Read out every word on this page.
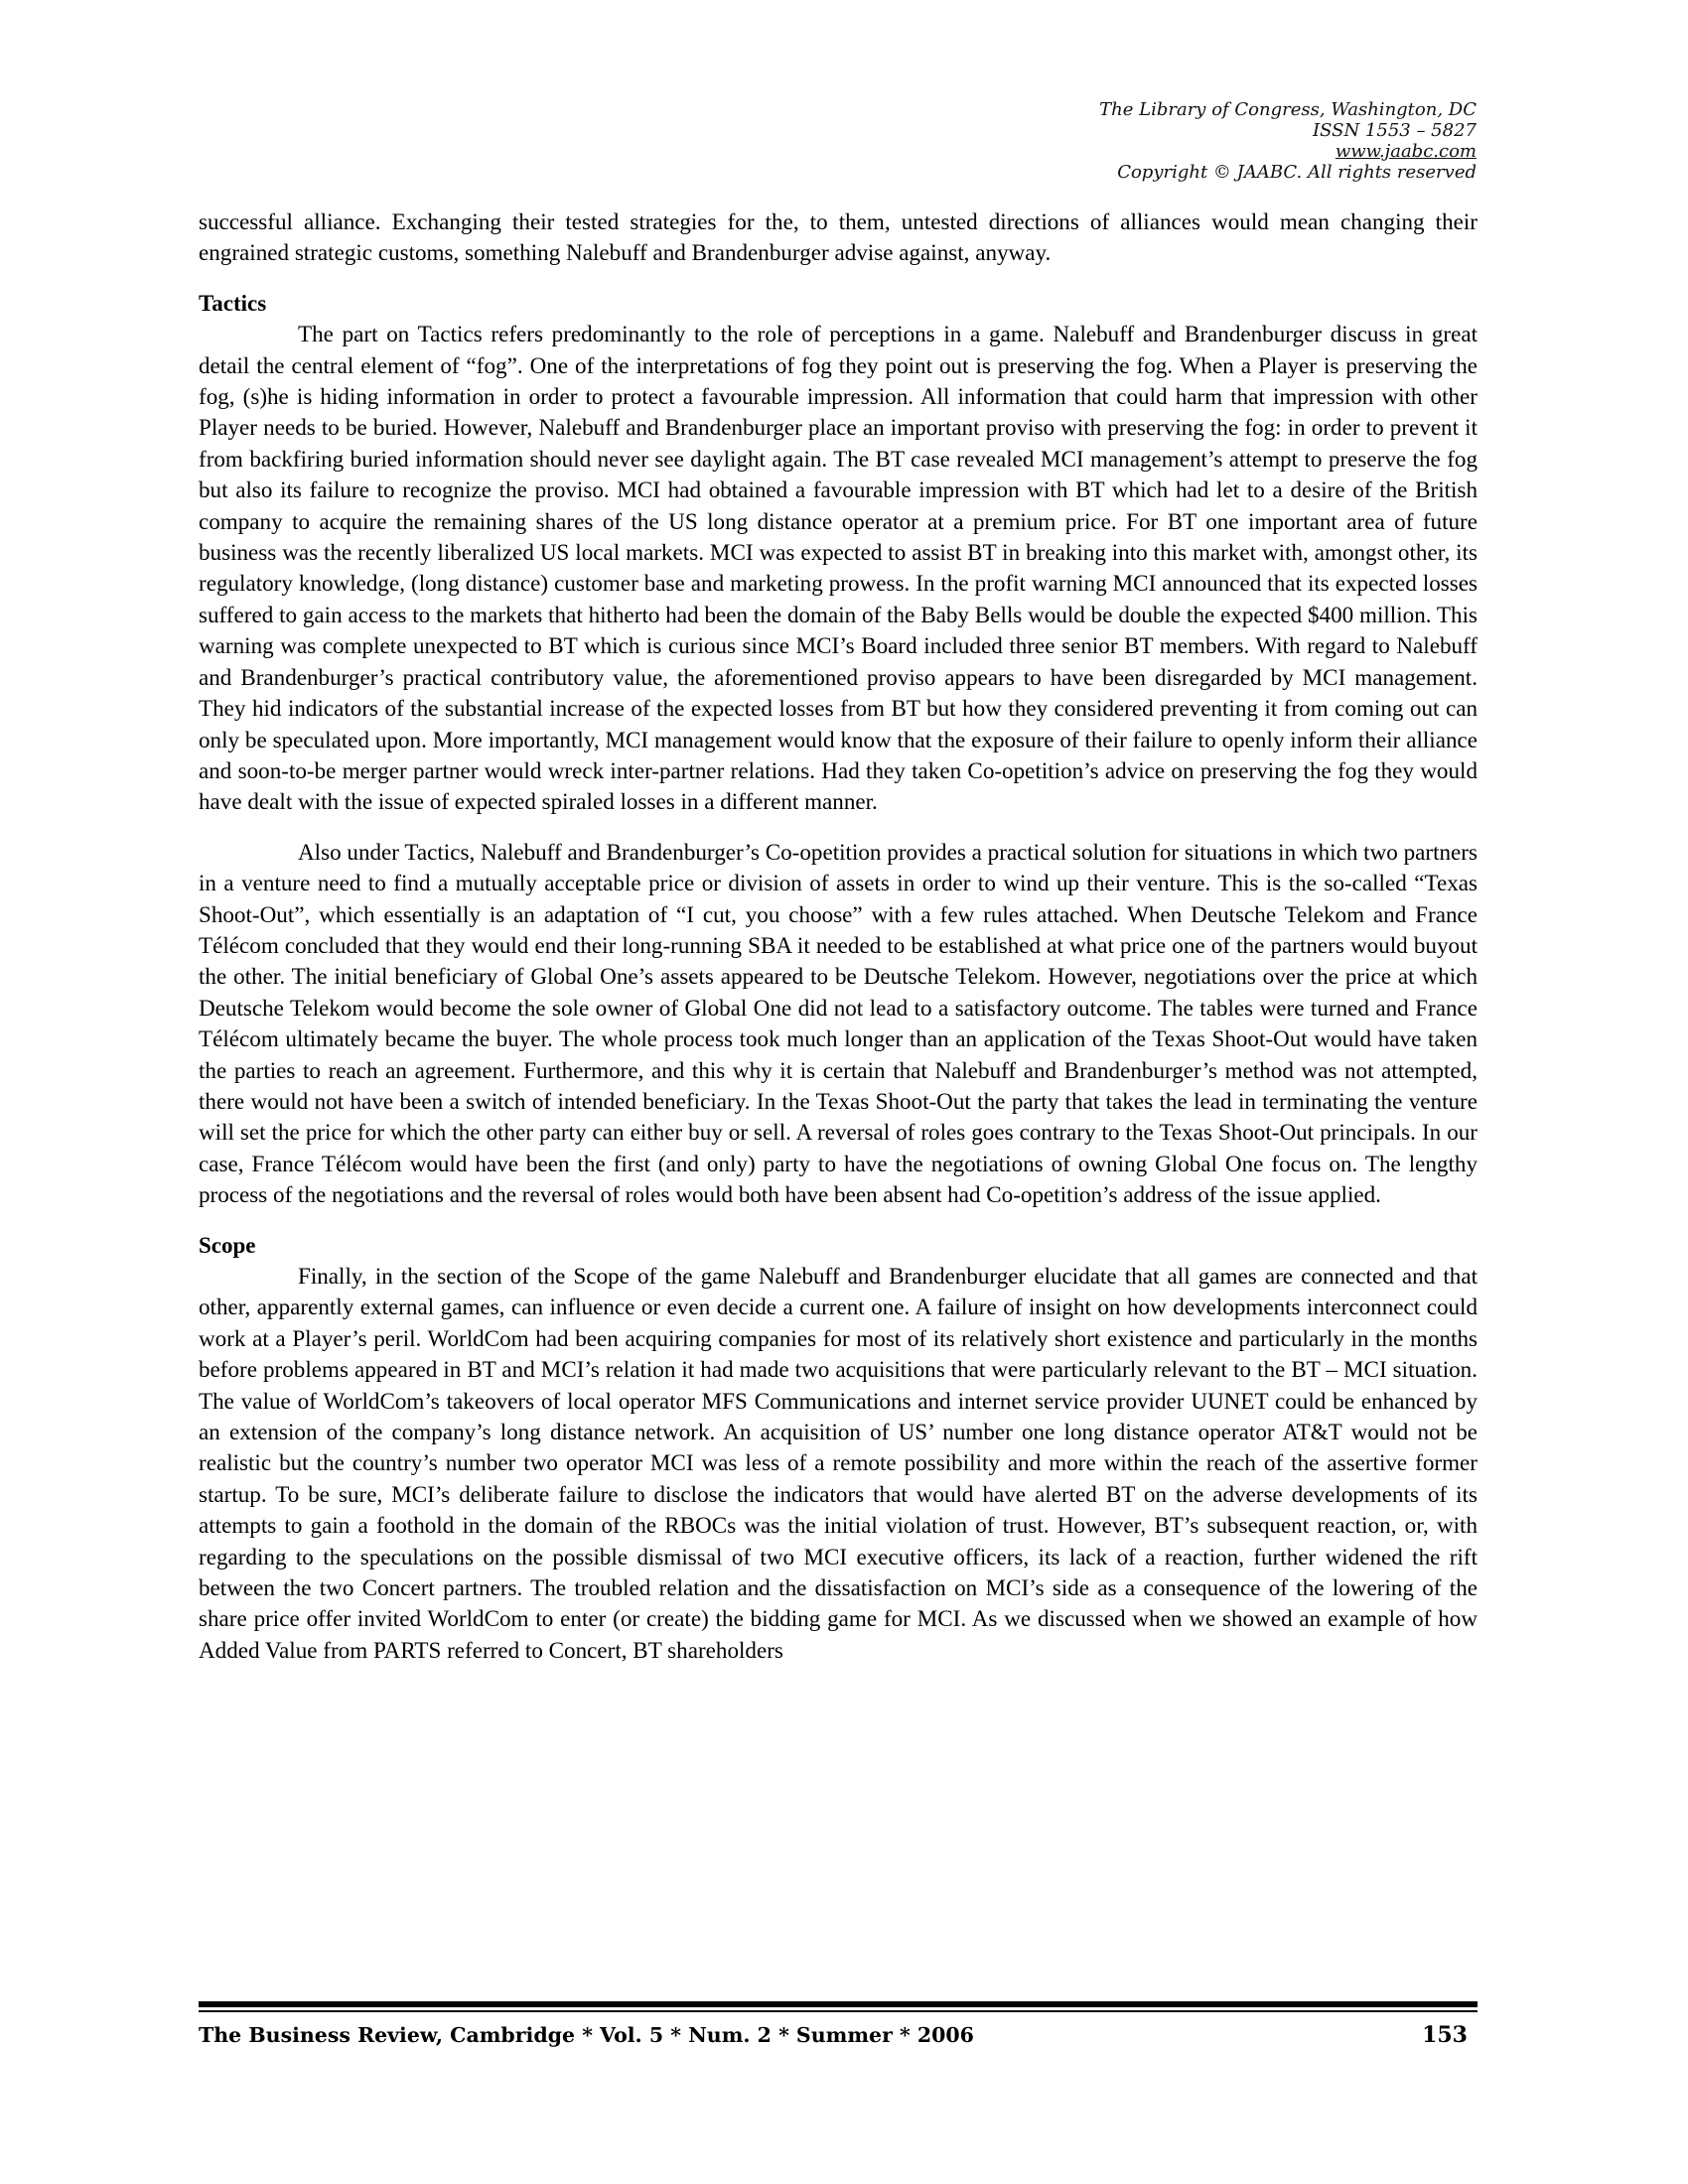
The Library of Congress, Washington, DC
ISSN 1553 – 5827
www.jaabc.com
Copyright © JAABC. All rights reserved

successful alliance. Exchanging their tested strategies for the, to them, untested directions of alliances would mean changing their engrained strategic customs, something Nalebuff and Brandenburger advise against, anyway.

Tactics

The part on Tactics refers predominantly to the role of perceptions in a game. Nalebuff and Brandenburger discuss in great detail the central element of “fog”. One of the interpretations of fog they point out is preserving the fog. When a Player is preserving the fog, (s)he is hiding information in order to protect a favourable impression. All information that could harm that impression with other Player needs to be buried. However, Nalebuff and Brandenburger place an important proviso with preserving the fog: in order to prevent it from backfiring buried information should never see daylight again. The BT case revealed MCI management’s attempt to preserve the fog but also its failure to recognize the proviso. MCI had obtained a favourable impression with BT which had let to a desire of the British company to acquire the remaining shares of the US long distance operator at a premium price. For BT one important area of future business was the recently liberalized US local markets. MCI was expected to assist BT in breaking into this market with, amongst other, its regulatory knowledge, (long distance) customer base and marketing prowess. In the profit warning MCI announced that its expected losses suffered to gain access to the markets that hitherto had been the domain of the Baby Bells would be double the expected $400 million. This warning was complete unexpected to BT which is curious since MCI’s Board included three senior BT members. With regard to Nalebuff and Brandenburger’s practical contributory value, the aforementioned proviso appears to have been disregarded by MCI management. They hid indicators of the substantial increase of the expected losses from BT but how they considered preventing it from coming out can only be speculated upon. More importantly, MCI management would know that the exposure of their failure to openly inform their alliance and soon-to-be merger partner would wreck inter-partner relations. Had they taken Co-opetition’s advice on preserving the fog they would have dealt with the issue of expected spiraled losses in a different manner.

Also under Tactics, Nalebuff and Brandenburger’s Co-opetition provides a practical solution for situations in which two partners in a venture need to find a mutually acceptable price or division of assets in order to wind up their venture. This is the so-called “Texas Shoot-Out”, which essentially is an adaptation of “I cut, you choose” with a few rules attached. When Deutsche Telekom and France Télécom concluded that they would end their long-running SBA it needed to be established at what price one of the partners would buyout the other. The initial beneficiary of Global One’s assets appeared to be Deutsche Telekom. However, negotiations over the price at which Deutsche Telekom would become the sole owner of Global One did not lead to a satisfactory outcome. The tables were turned and France Télécom ultimately became the buyer. The whole process took much longer than an application of the Texas Shoot-Out would have taken the parties to reach an agreement. Furthermore, and this why it is certain that Nalebuff and Brandenburger’s method was not attempted, there would not have been a switch of intended beneficiary. In the Texas Shoot-Out the party that takes the lead in terminating the venture will set the price for which the other party can either buy or sell. A reversal of roles goes contrary to the Texas Shoot-Out principals. In our case, France Télécom would have been the first (and only) party to have the negotiations of owning Global One focus on. The lengthy process of the negotiations and the reversal of roles would both have been absent had Co-opetition’s address of the issue applied.

Scope

Finally, in the section of the Scope of the game Nalebuff and Brandenburger elucidate that all games are connected and that other, apparently external games, can influence or even decide a current one. A failure of insight on how developments interconnect could work at a Player’s peril. WorldCom had been acquiring companies for most of its relatively short existence and particularly in the months before problems appeared in BT and MCI’s relation it had made two acquisitions that were particularly relevant to the BT – MCI situation. The value of WorldCom’s takeovers of local operator MFS Communications and internet service provider UUNET could be enhanced by an extension of the company’s long distance network. An acquisition of US’ number one long distance operator AT&T would not be realistic but the country’s number two operator MCI was less of a remote possibility and more within the reach of the assertive former startup. To be sure, MCI’s deliberate failure to disclose the indicators that would have alerted BT on the adverse developments of its attempts to gain a foothold in the domain of the RBOCs was the initial violation of trust. However, BT’s subsequent reaction, or, with regarding to the speculations on the possible dismissal of two MCI executive officers, its lack of a reaction, further widened the rift between the two Concert partners. The troubled relation and the dissatisfaction on MCI’s side as a consequence of the lowering of the share price offer invited WorldCom to enter (or create) the bidding game for MCI. As we discussed when we showed an example of how Added Value from PARTS referred to Concert, BT shareholders

The Business Review, Cambridge * Vol. 5 * Num. 2 * Summer * 2006	153
